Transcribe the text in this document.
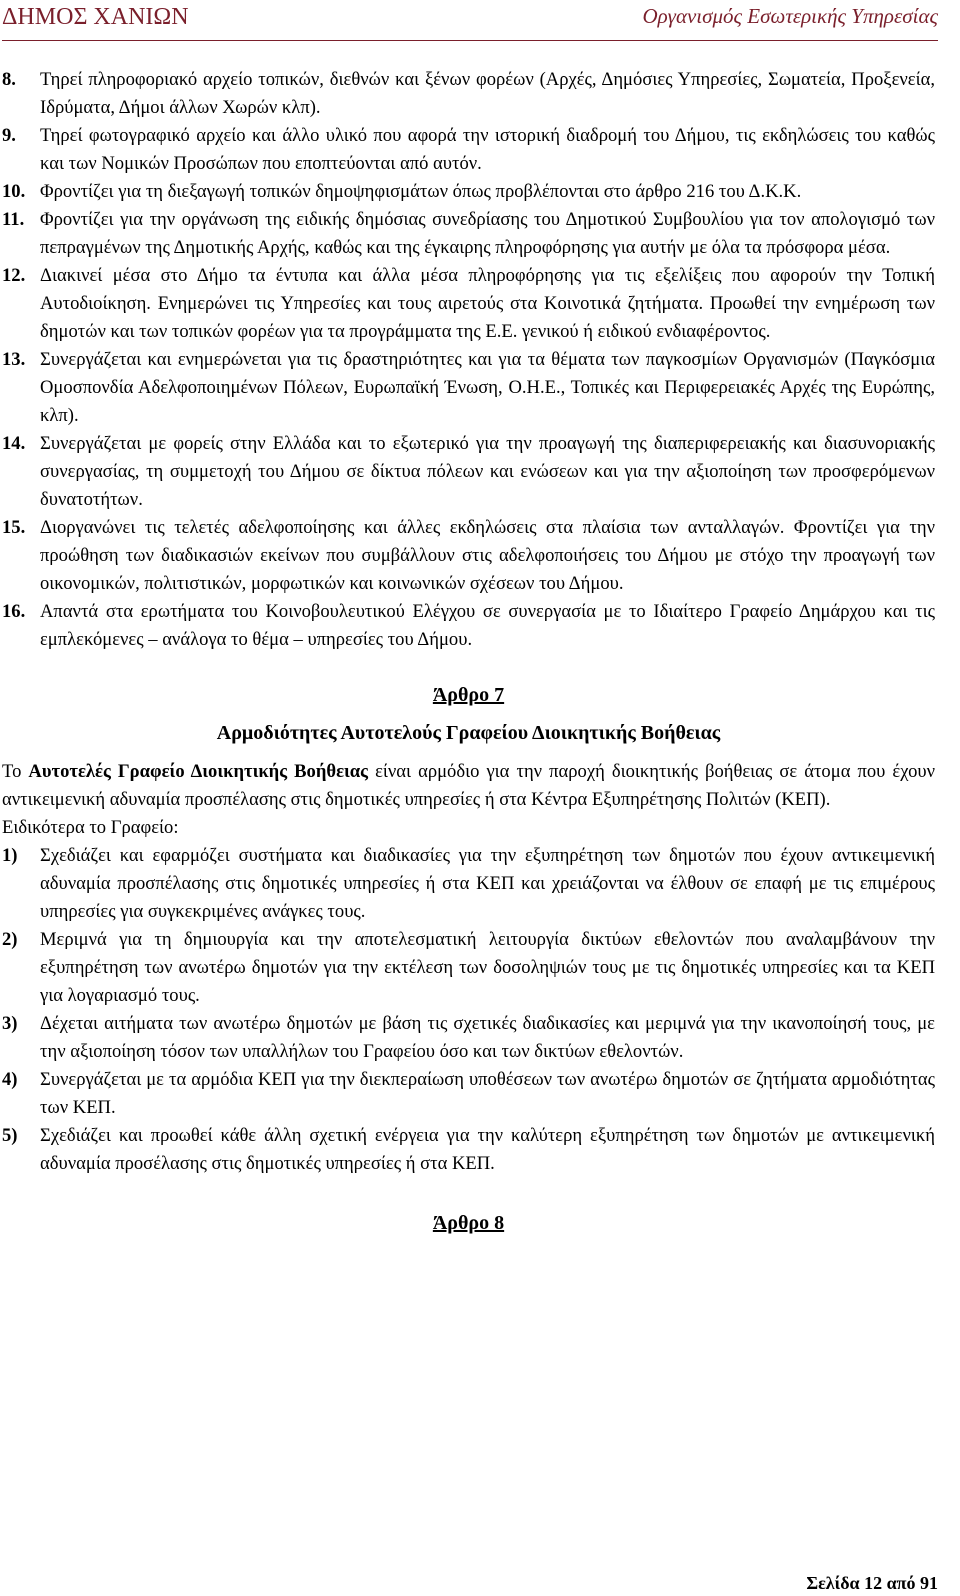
ΔΗΜΟΣ ΧΑΝΙΩΝ	Οργανισμός Εσωτερικής Υπηρεσίας

8. Τηρεί πληροφοριακό αρχείο τοπικών, διεθνών και ξένων φορέων (Αρχές, Δημόσιες Υπηρεσίες, Σωματεία, Προξενεία, Ιδρύματα, Δήμοι άλλων Χωρών κλπ).

9. Τηρεί φωτογραφικό αρχείο και άλλο υλικό που αφορά την ιστορική διαδρομή του Δήμου, τις εκδηλώσεις του καθώς και των Νομικών Προσώπων που εποπτεύονται από αυτόν.

10. Φροντίζει για τη διεξαγωγή τοπικών δημοψηφισμάτων όπως προβλέπονται στο άρθρο 216 του Δ.Κ.Κ.

11. Φροντίζει για την οργάνωση της ειδικής δημόσιας συνεδρίασης του Δημοτικού Συμβουλίου για τον απολογισμό των πεπραγμένων της Δημοτικής Αρχής, καθώς και της έγκαιρης πληροφόρησης για αυτήν με όλα τα πρόσφορα μέσα.

12. Διακινεί μέσα στο Δήμο τα έντυπα και άλλα μέσα πληροφόρησης για τις εξελίξεις που αφορούν την Τοπική Αυτοδιοίκηση. Ενημερώνει τις Υπηρεσίες και τους αιρετούς στα Κοινοτικά ζητήματα. Προωθεί την ενημέρωση των δημοτών και των τοπικών φορέων για τα προγράμματα της Ε.Ε. γενικού ή ειδικού ενδιαφέροντος.

13. Συνεργάζεται και ενημερώνεται για τις δραστηριότητες και για τα θέματα των παγκοσμίων Οργανισμών (Παγκόσμια Ομοσπονδία Αδελφοποιημένων Πόλεων, Ευρωπαϊκή Ένωση, Ο.Η.Ε., Τοπικές και Περιφερειακές Αρχές της Ευρώπης, κλπ).

14. Συνεργάζεται με φορείς στην Ελλάδα και το εξωτερικό για την προαγωγή της διαπεριφερειακής και διασυνοριακής συνεργασίας, τη συμμετοχή του Δήμου σε δίκτυα πόλεων και ενώσεων και για την αξιοποίηση των προσφερόμενων δυνατοτήτων.

15. Διοργανώνει τις τελετές αδελφοποίησης και άλλες εκδηλώσεις στα πλαίσια των ανταλλαγών. Φροντίζει για την προώθηση των διαδικασιών εκείνων που συμβάλλουν στις αδελφοποιήσεις του Δήμου με στόχο την προαγωγή των οικονομικών, πολιτιστικών, μορφωτικών και κοινωνικών σχέσεων του Δήμου.

16. Απαντά στα ερωτήματα του Κοινοβουλευτικού Ελέγχου σε συνεργασία με το Ιδιαίτερο Γραφείο Δημάρχου και τις εμπλεκόμενες – ανάλογα το θέμα – υπηρεσίες του Δήμου.

Άρθρο 7
Αρμοδιότητες Αυτοτελούς Γραφείου Διοικητικής Βοήθειας

Το Αυτοτελές Γραφείο Διοικητικής Βοήθειας είναι αρμόδιο για την παροχή διοικητικής βοήθειας σε άτομα που έχουν αντικειμενική αδυναμία προσπέλασης στις δημοτικές υπηρεσίες ή στα Κέντρα Εξυπηρέτησης Πολιτών (ΚΕΠ).

Ειδικότερα το Γραφείο:

1) Σχεδιάζει και εφαρμόζει συστήματα και διαδικασίες για την εξυπηρέτηση των δημοτών που έχουν αντικειμενική αδυναμία προσπέλασης στις δημοτικές υπηρεσίες ή στα ΚΕΠ και χρειάζονται να έλθουν σε επαφή με τις επιμέρους υπηρεσίες για συγκεκριμένες ανάγκες τους.

2) Μεριμνά για τη δημιουργία και την αποτελεσματική λειτουργία δικτύων εθελοντών που αναλαμβάνουν την εξυπηρέτηση των ανωτέρω δημοτών για την εκτέλεση των δοσοληψιών τους με τις δημοτικές υπηρεσίες και τα ΚΕΠ για λογαριασμό τους.

3) Δέχεται αιτήματα των ανωτέρω δημοτών με βάση τις σχετικές διαδικασίες και μεριμνά για την ικανοποίησή τους, με την αξιοποίηση τόσον των υπαλλήλων του Γραφείου όσο και των δικτύων εθελοντών.

4) Συνεργάζεται με τα αρμόδια ΚΕΠ για την διεκπεραίωση υποθέσεων των ανωτέρω δημοτών σε ζητήματα αρμοδιότητας των ΚΕΠ.

5) Σχεδιάζει και προωθεί κάθε άλλη σχετική ενέργεια για την καλύτερη εξυπηρέτηση των δημοτών με αντικειμενική αδυναμία προσέλασης στις δημοτικές υπηρεσίες ή στα ΚΕΠ.

Άρθρο 8
Σελίδα 12 από 91
